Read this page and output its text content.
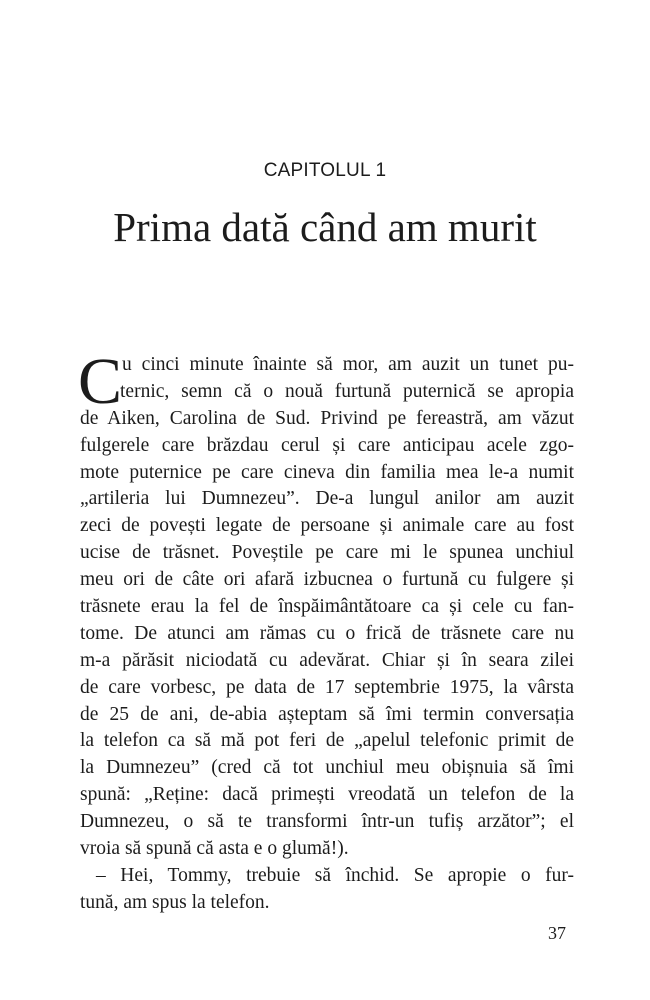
CAPITOLUL 1
Prima dată când am murit
C u cinci minute înainte să mor, am auzit un tunet pu-
ternic, semn că o nouă furtună puternică se apropia
de Aiken, Carolina de Sud. Privind pe fereastră, am văzut
fulgerele care brăzdau cerul și care anticipau acele zgo-
mote puternice pe care cineva din familia mea le-a numit
„artileria lui Dumnezeu”. De-a lungul anilor am auzit
zeci de povești legate de persoane și animale care au fost
ucise de trăsnet. Poveștile pe care mi le spunea unchiul
meu ori de câte ori afară izbucnea o furtună cu fulgere și
trăsnete erau la fel de înspăimântătoare ca și cele cu fan-
tome. De atunci am rămas cu o frică de trăsnete care nu
m-a părăsit niciodată cu adevărat. Chiar și în seara zilei
de care vorbesc, pe data de 17 septembrie 1975, la vârsta
de 25 de ani, de-abia așteptam să îmi termin conversația
la telefon ca să mă pot feri de „apelul telefonic primit de
la Dumnezeu” (cred că tot unchiul meu obișnuia să îmi
spună: „Reține: dacă primești vreodată un telefon de la
Dumnezeu, o să te transformi într-un tufiș arzător”; el
vroia să spună că asta e o glumă!).
– Hei, Tommy, trebuie să închid. Se apropie o fur-
tună, am spus la telefon.
37
